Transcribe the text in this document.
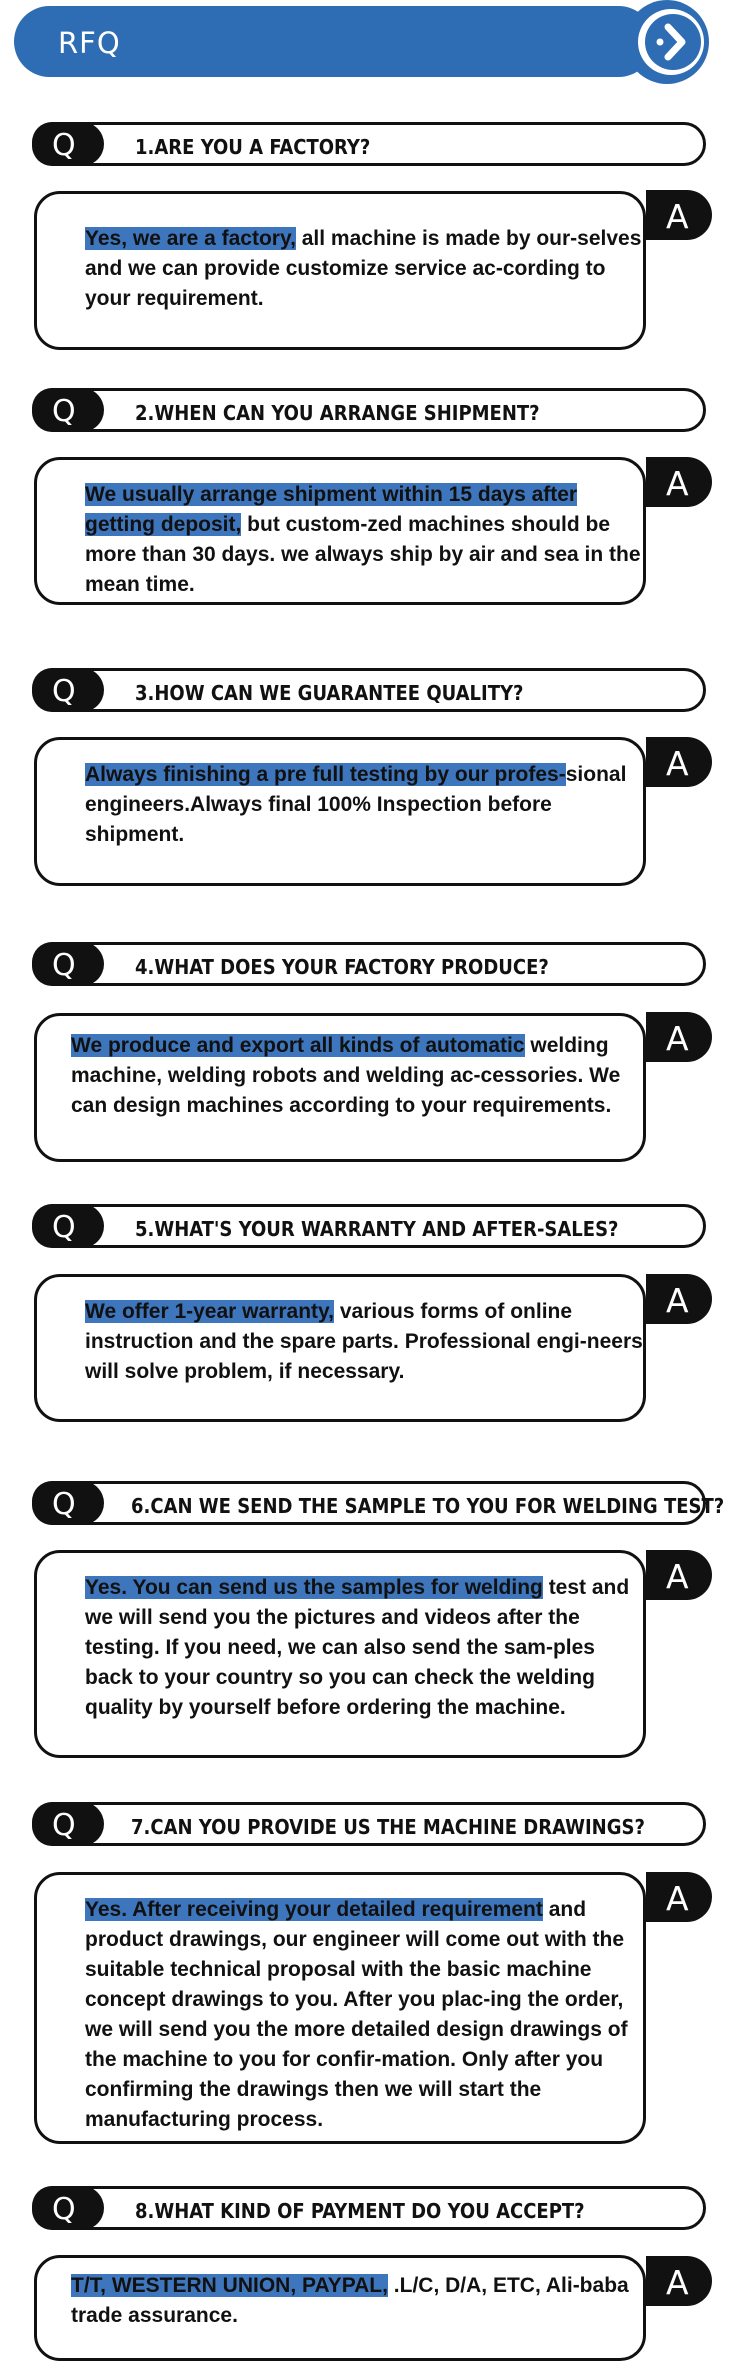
RFQ
Q	1.ARE YOU A FACTORY?
Yes, we are a factory, all machine is made by our-selves and we can provide customize service ac-cording to your requirement.
A
Q	2.WHEN CAN YOU ARRANGE SHIPMENT?
We usually arrange shipment within 15 days after getting deposit, but custom-zed machines should be more than 30 days. we always ship by air and sea in the mean time.
A
Q	3.HOW CAN WE GUARANTEE QUALITY?
Always finishing a pre full testing by our profes-sional engineers.Always final 100% Inspection before shipment.
A
Q	4.WHAT DOES YOUR FACTORY PRODUCE?
We produce and export all kinds of automatic welding machine, welding robots and welding ac-cessories. We can design machines according to your requirements.
A
Q	5.WHAT'S YOUR WARRANTY AND AFTER-SALES?
We offer 1-year warranty, various forms of online instruction and the spare parts. Professional engi-neers will solve problem, if necessary.
A
Q	6.CAN WE SEND THE SAMPLE TO YOU FOR WELDING TEST?
Yes. You can send us the samples for welding test and we will send you the pictures and videos after the testing. If you need, we can also send the sam-ples back to your country so you can check the welding quality by yourself before ordering the machine.
A
Q	7.CAN YOU PROVIDE US THE MACHINE DRAWINGS?
Yes. After receiving your detailed requirement and product drawings, our engineer will come out with the suitable technical proposal with the basic machine concept drawings to you. After you plac-ing the order, we will send you the more detailed design drawings of the machine to you for confir-mation. Only after you confirming the drawings then we will start the manufacturing process.
A
Q	8.WHAT KIND OF PAYMENT DO YOU ACCEPT?
T/T, WESTERN UNION, PAYPAL, .L/C, D/A, ETC, Ali-baba trade assurance.
A
